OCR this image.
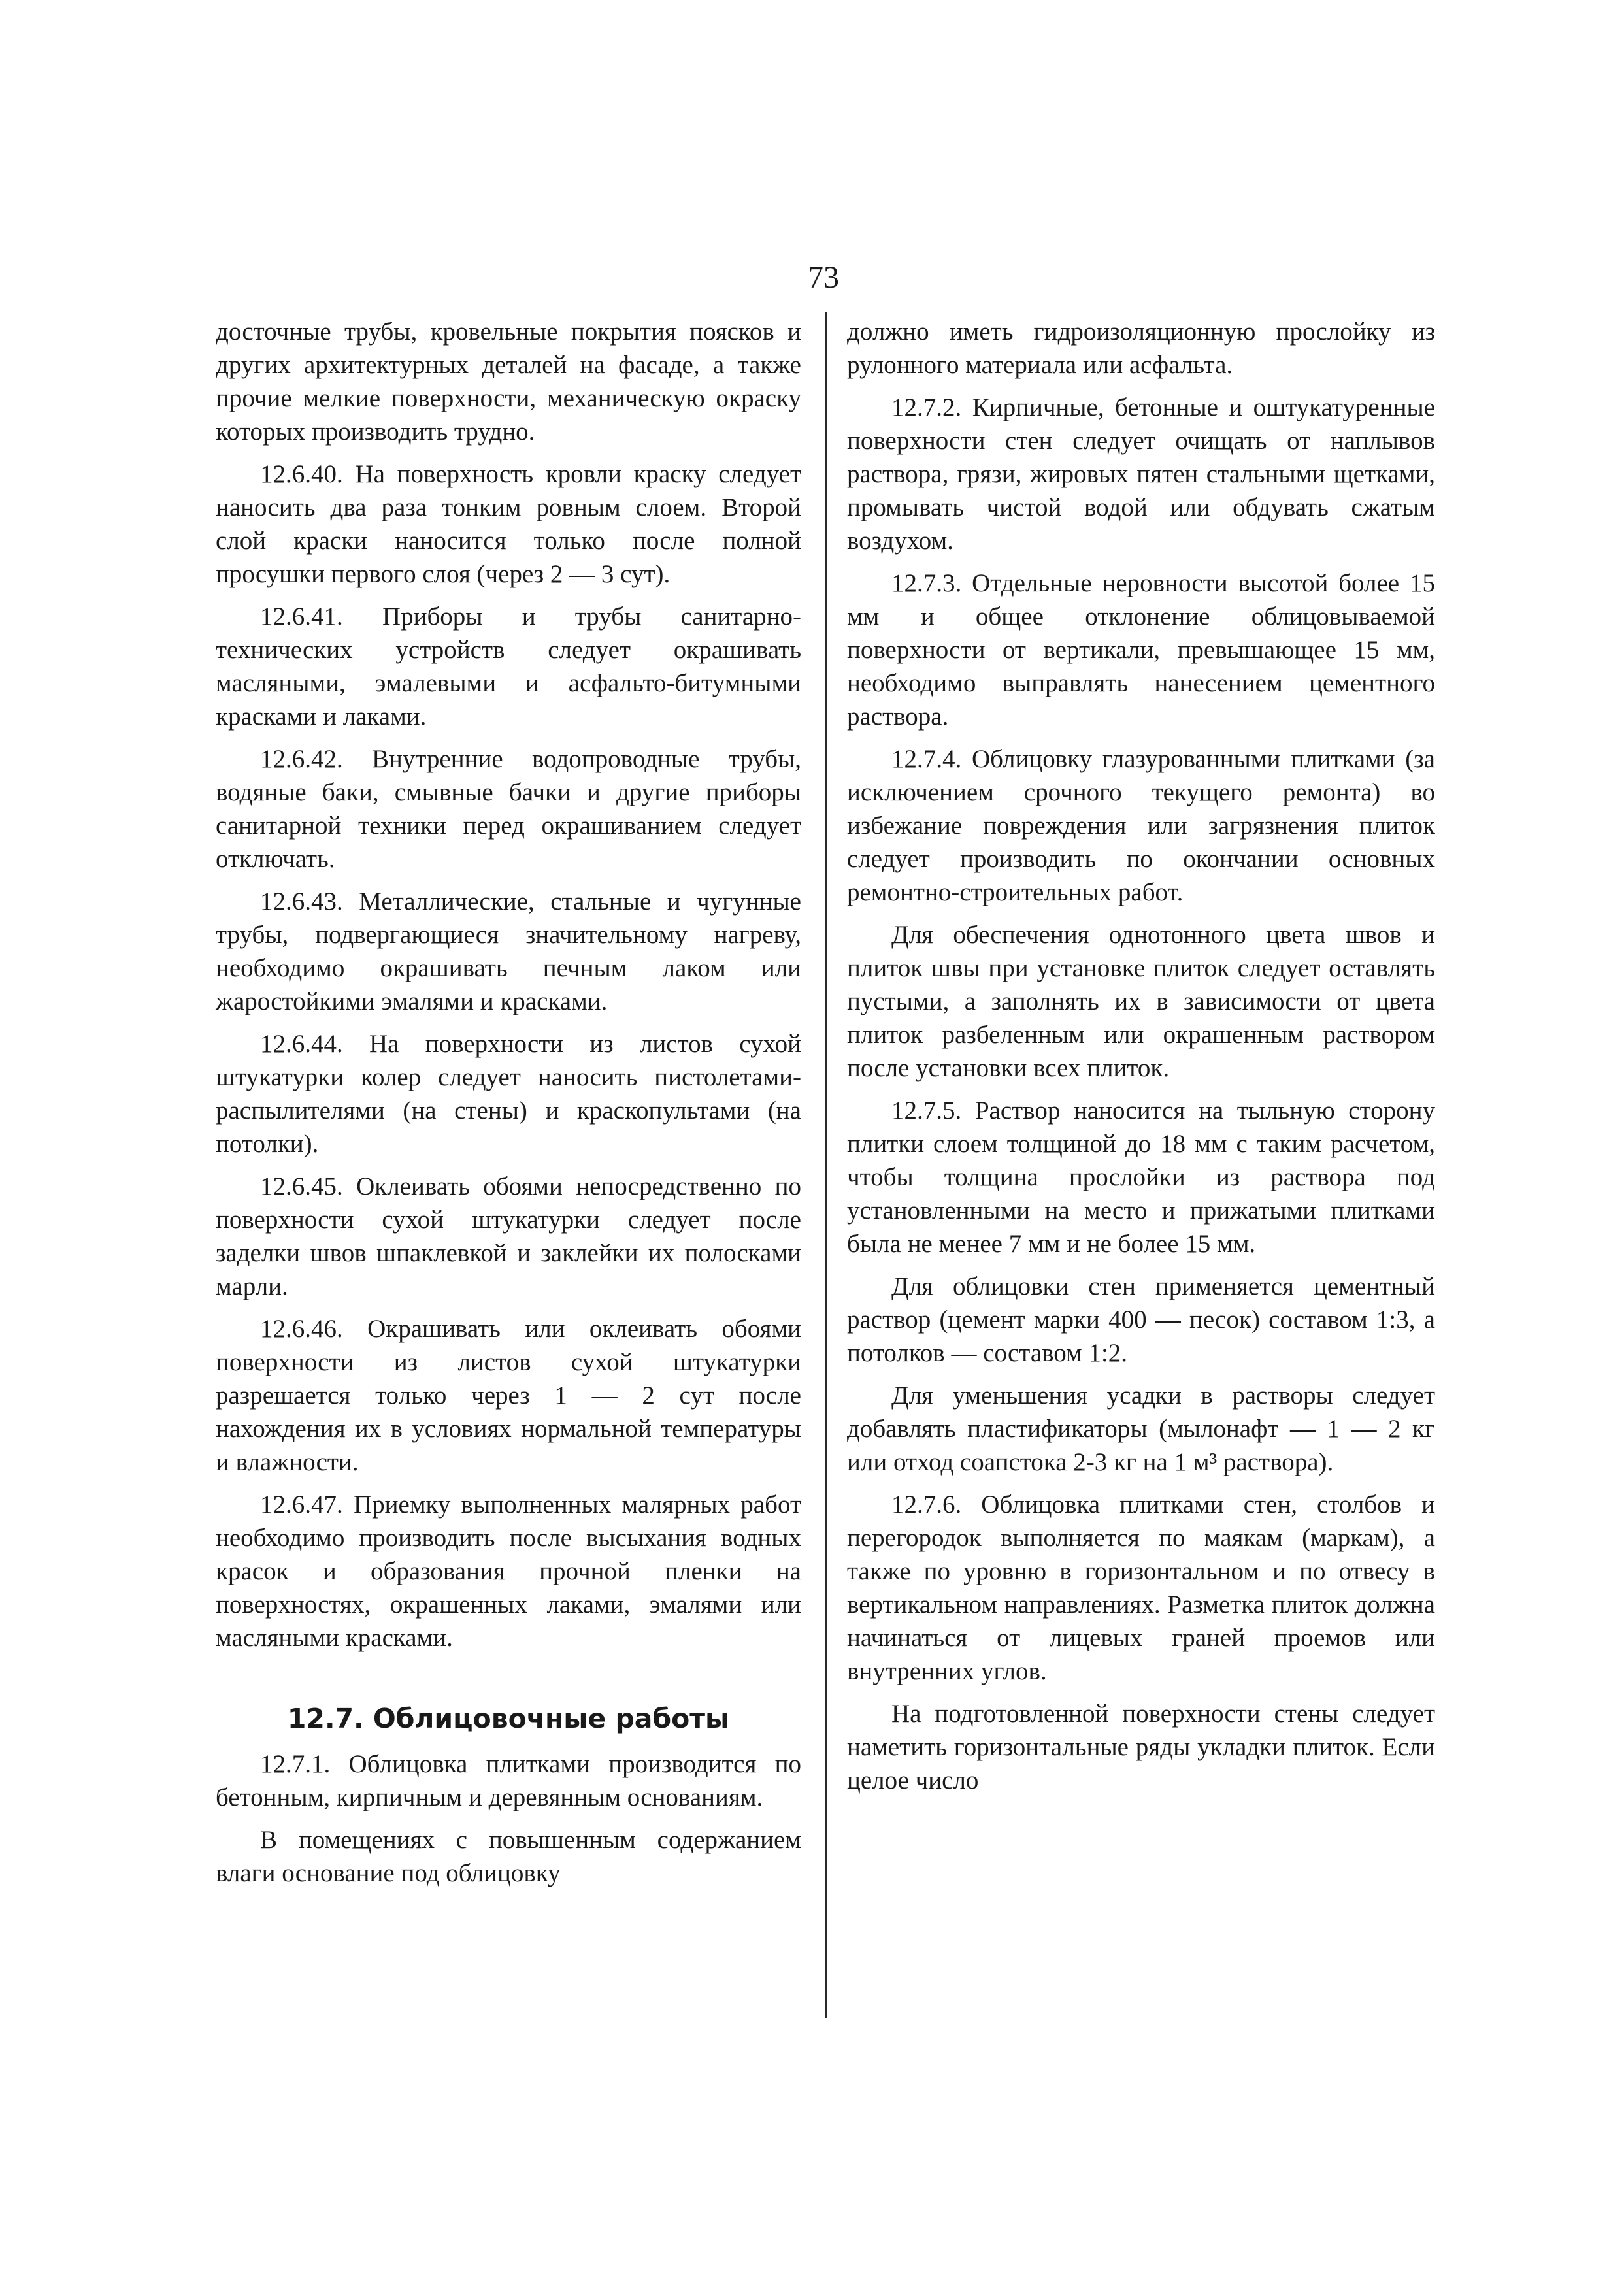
73

досточные трубы, кровельные покрытия поясков и других архитектурных деталей на фасаде, а также прочие мелкие поверхности, механическую окраску которых производить трудно.

12.6.40. На поверхность кровли краску следует наносить два раза тонким ровным слоем. Второй слой краски наносится только после полной просушки первого слоя (через 2 — 3 сут).

12.6.41. Приборы и трубы санитарно-технических устройств следует окрашивать масляными, эмалевыми и асфальто-битумными красками и лаками.

12.6.42. Внутренние водопроводные трубы, водяные баки, смывные бачки и другие приборы санитарной техники перед окрашиванием следует отключать.

12.6.43. Металлические, стальные и чугунные трубы, подвергающиеся значительному нагреву, необходимо окрашивать печным лаком или жаростойкими эмалями и красками.

12.6.44. На поверхности из листов сухой штукатурки колер следует наносить пистолетами-распылителями (на стены) и краскопультами (на потолки).

12.6.45. Оклеивать обоями непосредственно по поверхности сухой штукатурки следует после заделки швов шпаклевкой и заклейки их полосками марли.

12.6.46. Окрашивать или оклеивать обоями поверхности из листов сухой штукатурки разрешается только через 1 — 2 сут после нахождения их в условиях нормальной температуры и влажности.

12.6.47. Приемку выполненных малярных работ необходимо производить после высыхания водных красок и образования прочной пленки на поверхностях, окрашенных лаками, эмалями или масляными красками.

12.7. Облицовочные работы

12.7.1. Облицовка плитками производится по бетонным, кирпичным и деревянным основаниям.

В помещениях с повышенным содержанием влаги основание под облицовку

должно иметь гидроизоляционную прослойку из рулонного материала или асфальта.

12.7.2. Кирпичные, бетонные и оштукатуренные поверхности стен следует очищать от наплывов раствора, грязи, жировых пятен стальными щетками, промывать чистой водой или обдувать сжатым воздухом.

12.7.3. Отдельные неровности высотой более 15 мм и общее отклонение облицовываемой поверхности от вертикали, превышающее 15 мм, необходимо выправлять нанесением цементного раствора.

12.7.4. Облицовку глазурованными плитками (за исключением срочного текущего ремонта) во избежание повреждения или загрязнения плиток следует производить по окончании основных ремонтно-строительных работ.

Для обеспечения однотонного цвета швов и плиток швы при установке плиток следует оставлять пустыми, а заполнять их в зависимости от цвета плиток разбеленным или окрашенным раствором после установки всех плиток.

12.7.5. Раствор наносится на тыльную сторону плитки слоем толщиной до 18 мм с таким расчетом, чтобы толщина прослойки из раствора под установленными на место и прижатыми плитками была не менее 7 мм и не более 15 мм.

Для облицовки стен применяется цементный раствор (цемент марки 400 — песок) составом 1:3, а потолков — составом 1:2.

Для уменьшения усадки в растворы следует добавлять пластификаторы (мылонафт — 1 — 2 кг или отход соапстока 2-3 кг на 1 м³ раствора).

12.7.6. Облицовка плитками стен, столбов и перегородок выполняется по маякам (маркам), а также по уровню в горизонтальном и по отвесу в вертикальном направлениях. Разметка плиток должна начинаться от лицевых граней проемов или внутренних углов.

На подготовленной поверхности стены следует наметить горизонтальные ряды укладки плиток. Если целое число
